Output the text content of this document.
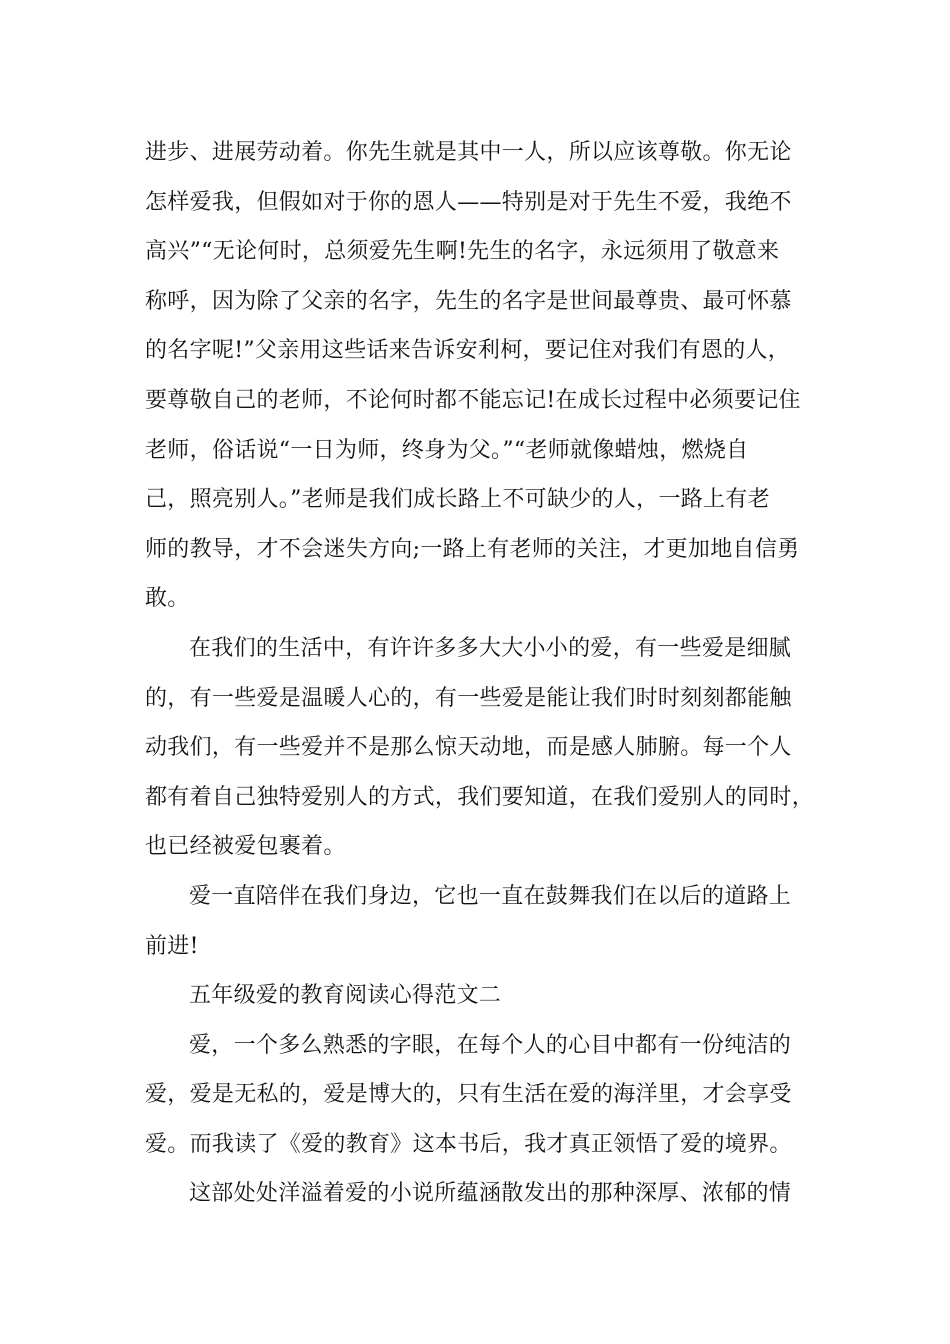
进步、进展劳动着。你先生就是其中一人，所以应该尊敬。你无论
怎样爱我，但假如对于你的恩人——特别是对于先生不爱，我绝不
高兴”“无论何时，总须爱先生啊!先生的名字，永远须用了敬意来
称呼，因为除了父亲的名字，先生的名字是世间最尊贵、最可怀慕
的名字呢!”父亲用这些话来告诉安利柯，要记住对我们有恩的人，
要尊敬自己的老师，不论何时都不能忘记!在成长过程中必须要记住
老师，俗话说“一日为师，终身为父。”“老师就像蜡烛，燃烧自
己，照亮别人。”老师是我们成长路上不可缺少的人，一路上有老
师的教导，才不会迷失方向;一路上有老师的关注，才更加地自信勇
敢。
在我们的生活中，有许许多多大大小小的爱，有一些爱是细腻
的，有一些爱是温暖人心的，有一些爱是能让我们时时刻刻都能触
动我们，有一些爱并不是那么惊天动地，而是感人肺腑。每一个人
都有着自己独特爱别人的方式，我们要知道，在我们爱别人的同时，
也已经被爱包裹着。
爱一直陪伴在我们身边，它也一直在鼓舞我们在以后的道路上
前进!
五年级爱的教育阅读心得范文二
爱，一个多么熟悉的字眼，在每个人的心目中都有一份纯洁的
爱，爱是无私的，爱是博大的，只有生活在爱的海洋里，才会享受
爱。而我读了《爱的教育》这本书后，我才真正领悟了爱的境界。
这部处处洋溢着爱的小说所蕴涵散发出的那种深厚、浓郁的情
